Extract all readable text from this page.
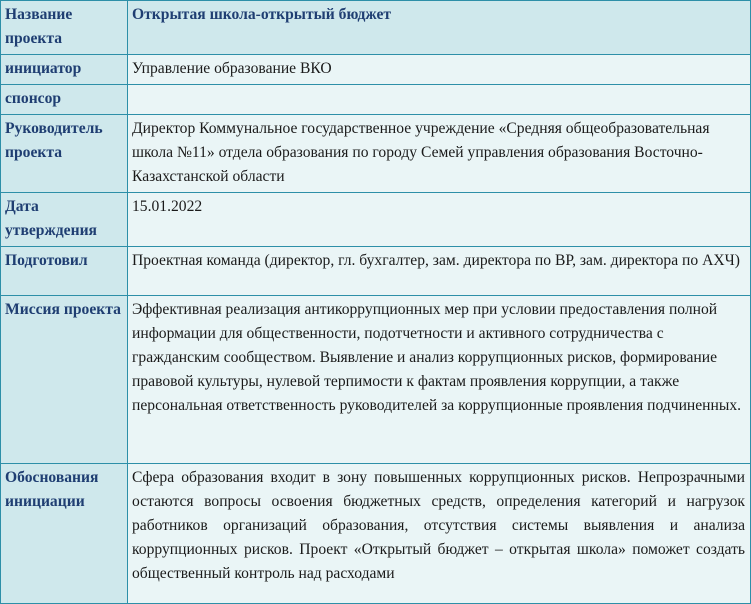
Название проекта	Открытая школа-открытый бюджет
инициатор	Управление образование ВКО
спонсор	
Руководитель проекта	Директор Коммунальное государственное учреждение «Средняя общеобразовательная школа №11» отдела образования по городу Семей управления образования Восточно-Казахстанской области
Дата утверждения	15.01.2022
Подготовил	Проектная команда (директор, гл. бухгалтер, зам. директора по ВР, зам. директора по АХЧ)
Миссия проекта	Эффективная реализация антикоррупционных мер при условии предоставления полной информации для общественности, подотчетности и активного сотрудничества с гражданским сообществом. Выявление и анализ коррупционных рисков, формирование правовой культуры, нулевой терпимости к фактам проявления коррупции, а также персональная ответственность руководителей за коррупционные проявления подчиненных.
Обоснования инициации	Сфера образования входит в зону повышенных коррупционных рисков. Непрозрачными остаются вопросы освоения бюджетных средств, определения категорий и нагрузок работников организаций образования, отсутствия системы выявления и анализа коррупционных рисков. Проект «Открытый бюджет – открытая школа» поможет создать общественный контроль над расходами
